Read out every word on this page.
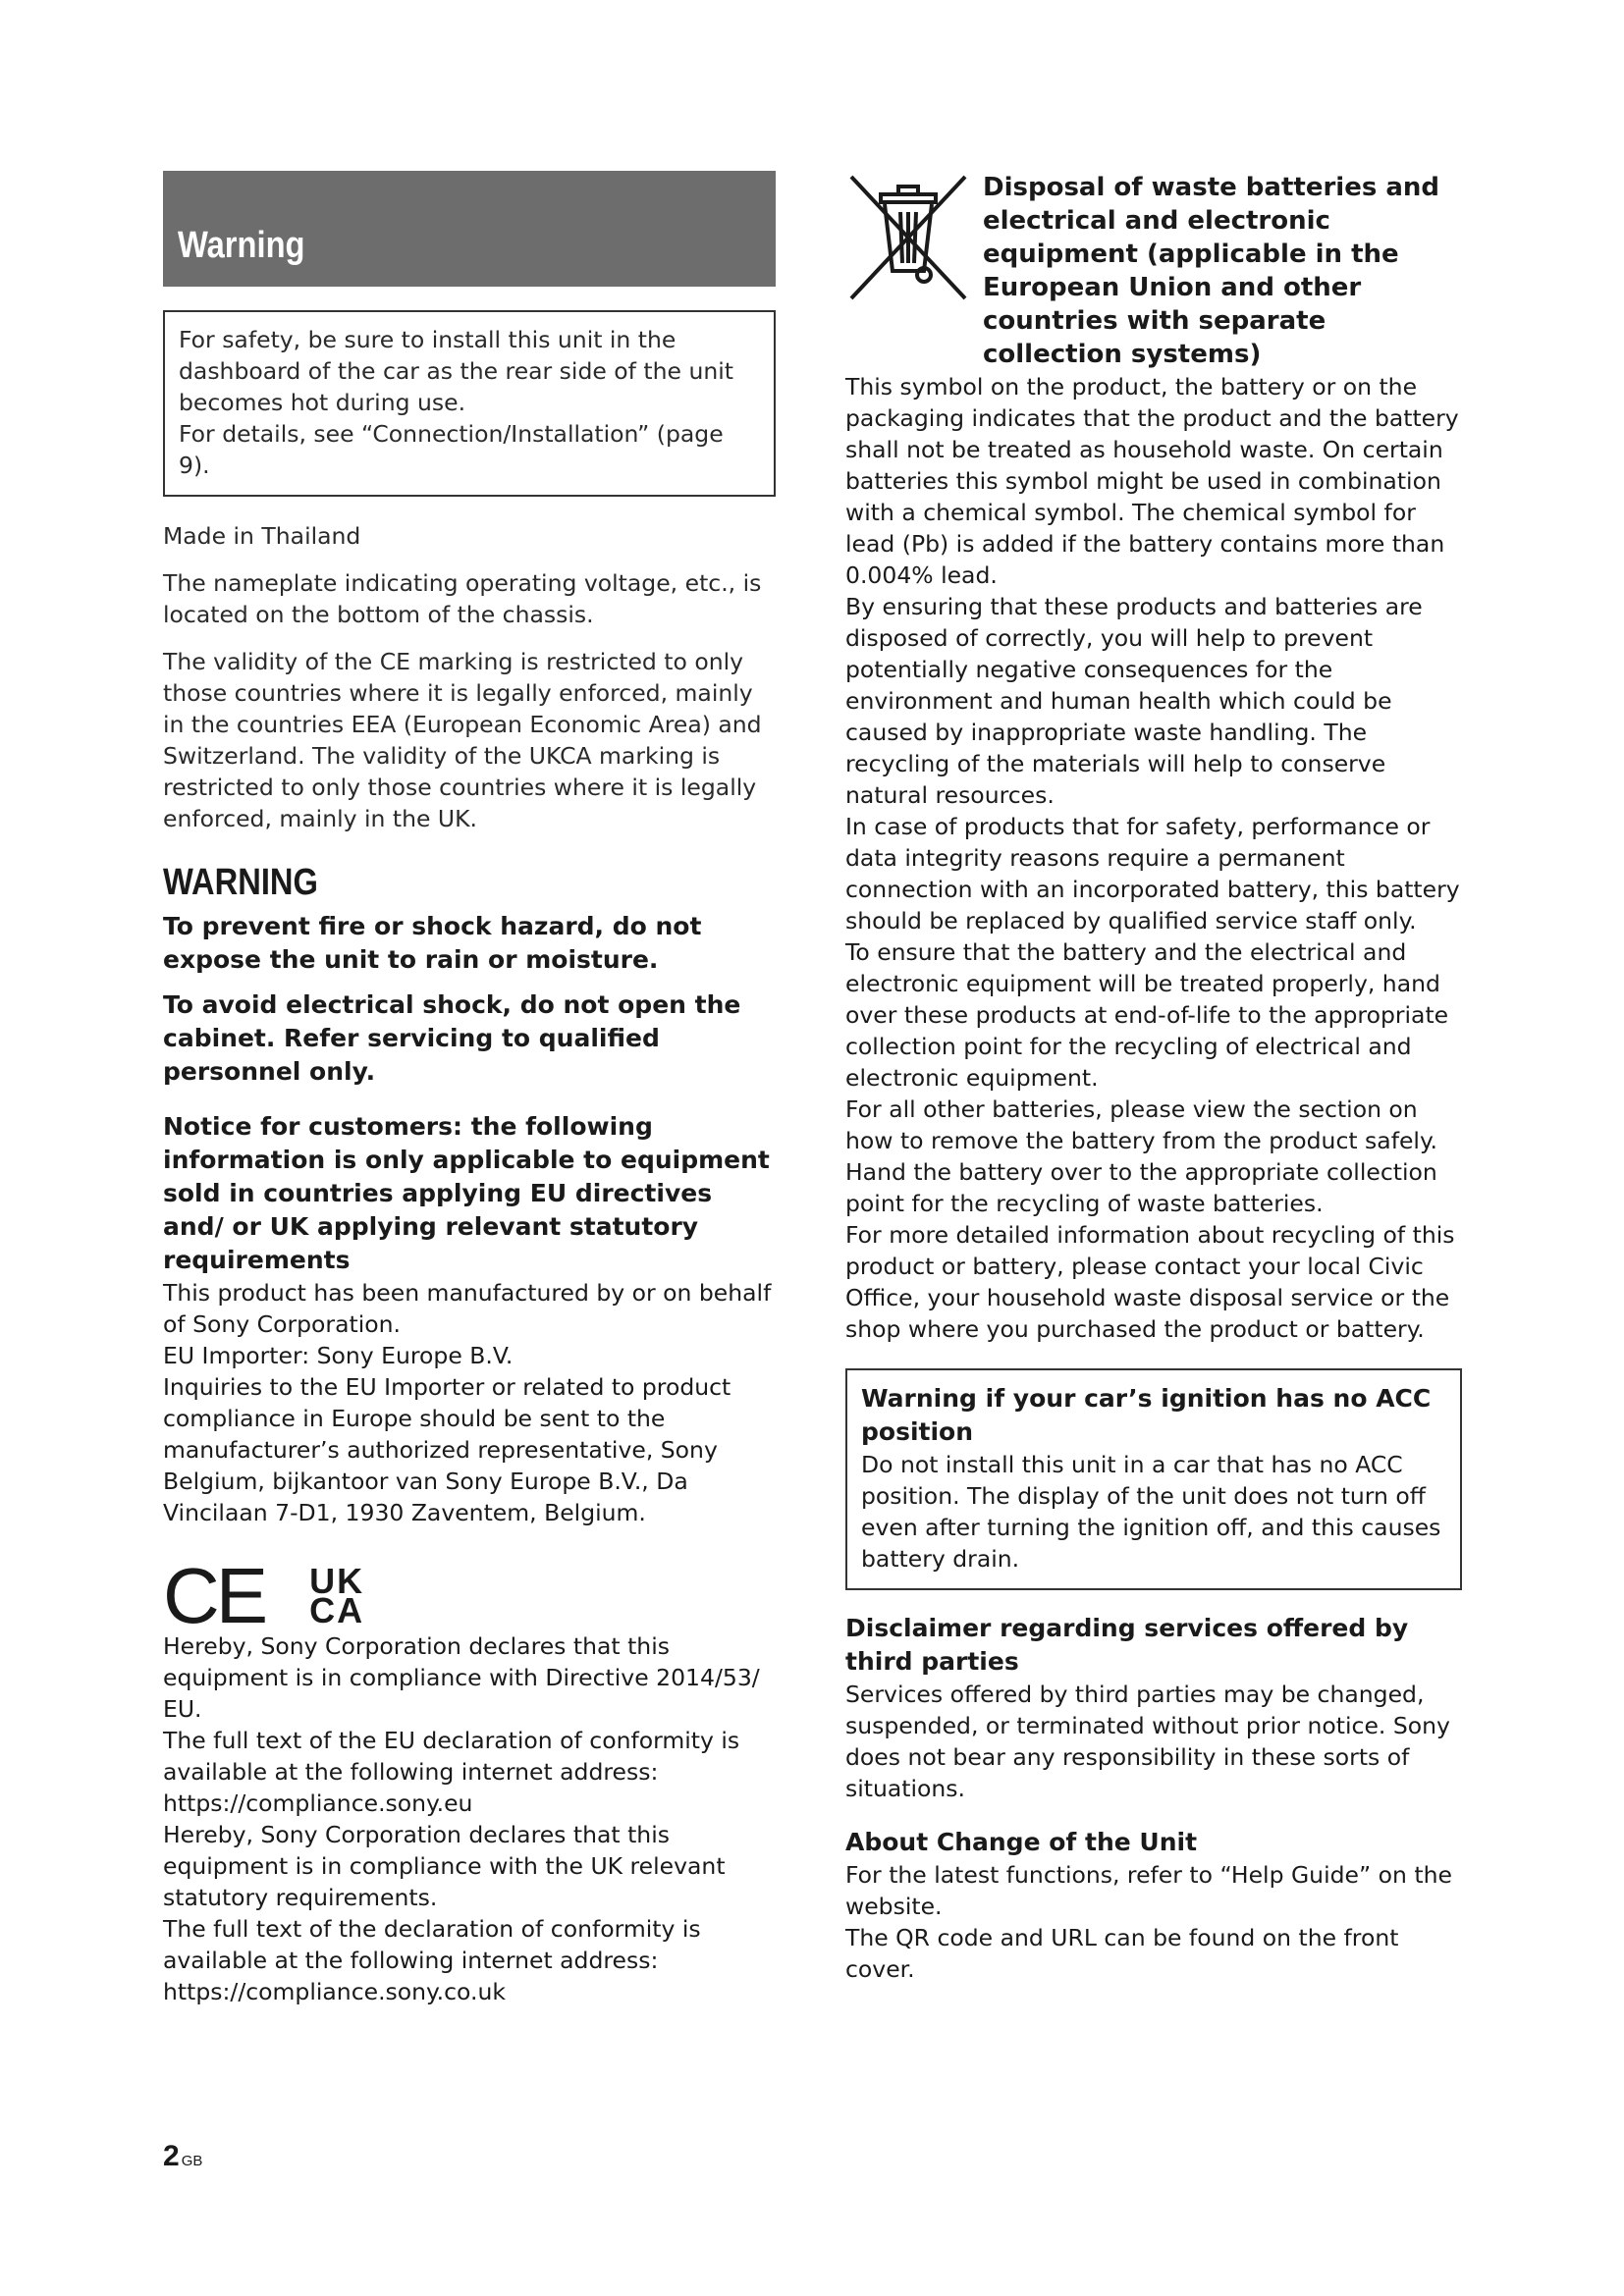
Warning

For safety, be sure to install this unit in the dashboard of the car as the rear side of the unit becomes hot during use.

For details, see “Connection/Installation” (page 9).

Made in Thailand

The nameplate indicating operating voltage, etc., is located on the bottom of the chassis.

The validity of the CE marking is restricted to only those countries where it is legally enforced, mainly in the countries EEA (European Economic Area) and Switzerland. The validity of the UKCA marking is restricted to only those countries where it is legally enforced, mainly in the UK.

WARNING
To prevent fire or shock hazard, do not expose the unit to rain or moisture.
To avoid electrical shock, do not open the cabinet. Refer servicing to qualified personnel only.
Notice for customers: the following information is only applicable to equipment sold in countries applying EU directives and/ or UK applying relevant statutory requirements

This product has been manufactured by or on behalf of Sony Corporation.

EU Importer: Sony Europe B.V.

Inquiries to the EU Importer or related to product compliance in Europe should be sent to the manufacturer’s authorized representative, Sony Belgium, bijkantoor van Sony Europe B.V., Da Vincilaan 7-D1, 1930 Zaventem, Belgium.

CE UK
CA

Hereby, Sony Corporation declares that this equipment is in compliance with Directive 2014/53/ EU.

The full text of the EU declaration of conformity is available at the following internet address:

https://compliance.sony.eu

Hereby, Sony Corporation declares that this equipment is in compliance with the UK relevant statutory requirements.

The full text of the declaration of conformity is available at the following internet address:

https://compliance.sony.co.uk

Disposal of waste batteries and electrical and electronic equipment (applicable in the European Union and other countries with separate collection systems)

This symbol on the product, the battery or on the packaging indicates that the product and the battery shall not be treated as household waste. On certain batteries this symbol might be used in combination with a chemical symbol. The chemical symbol for lead (Pb) is added if the battery contains more than 0.004% lead.

By ensuring that these products and batteries are disposed of correctly, you will help to prevent potentially negative consequences for the environment and human health which could be caused by inappropriate waste handling. The recycling of the materials will help to conserve natural resources.

In case of products that for safety, performance or data integrity reasons require a permanent connection with an incorporated battery, this battery should be replaced by qualified service staff only.

To ensure that the battery and the electrical and electronic equipment will be treated properly, hand over these products at end-of-life to the appropriate collection point for the recycling of electrical and electronic equipment.

For all other batteries, please view the section on how to remove the battery from the product safely. Hand the battery over to the appropriate collection point for the recycling of waste batteries.

For more detailed information about recycling of this product or battery, please contact your local Civic Office, your household waste disposal service or the shop where you purchased the product or battery.

Warning if your car’s ignition has no ACC position

Do not install this unit in a car that has no ACC position. The display of the unit does not turn off even after turning the ignition off, and this causes battery drain.

Disclaimer regarding services offered by third parties

Services offered by third parties may be changed, suspended, or terminated without prior notice. Sony does not bear any responsibility in these sorts of situations.

About Change of the Unit

For the latest functions, refer to “Help Guide” on the website.

The QR code and URL can be found on the front cover.

2 GB
